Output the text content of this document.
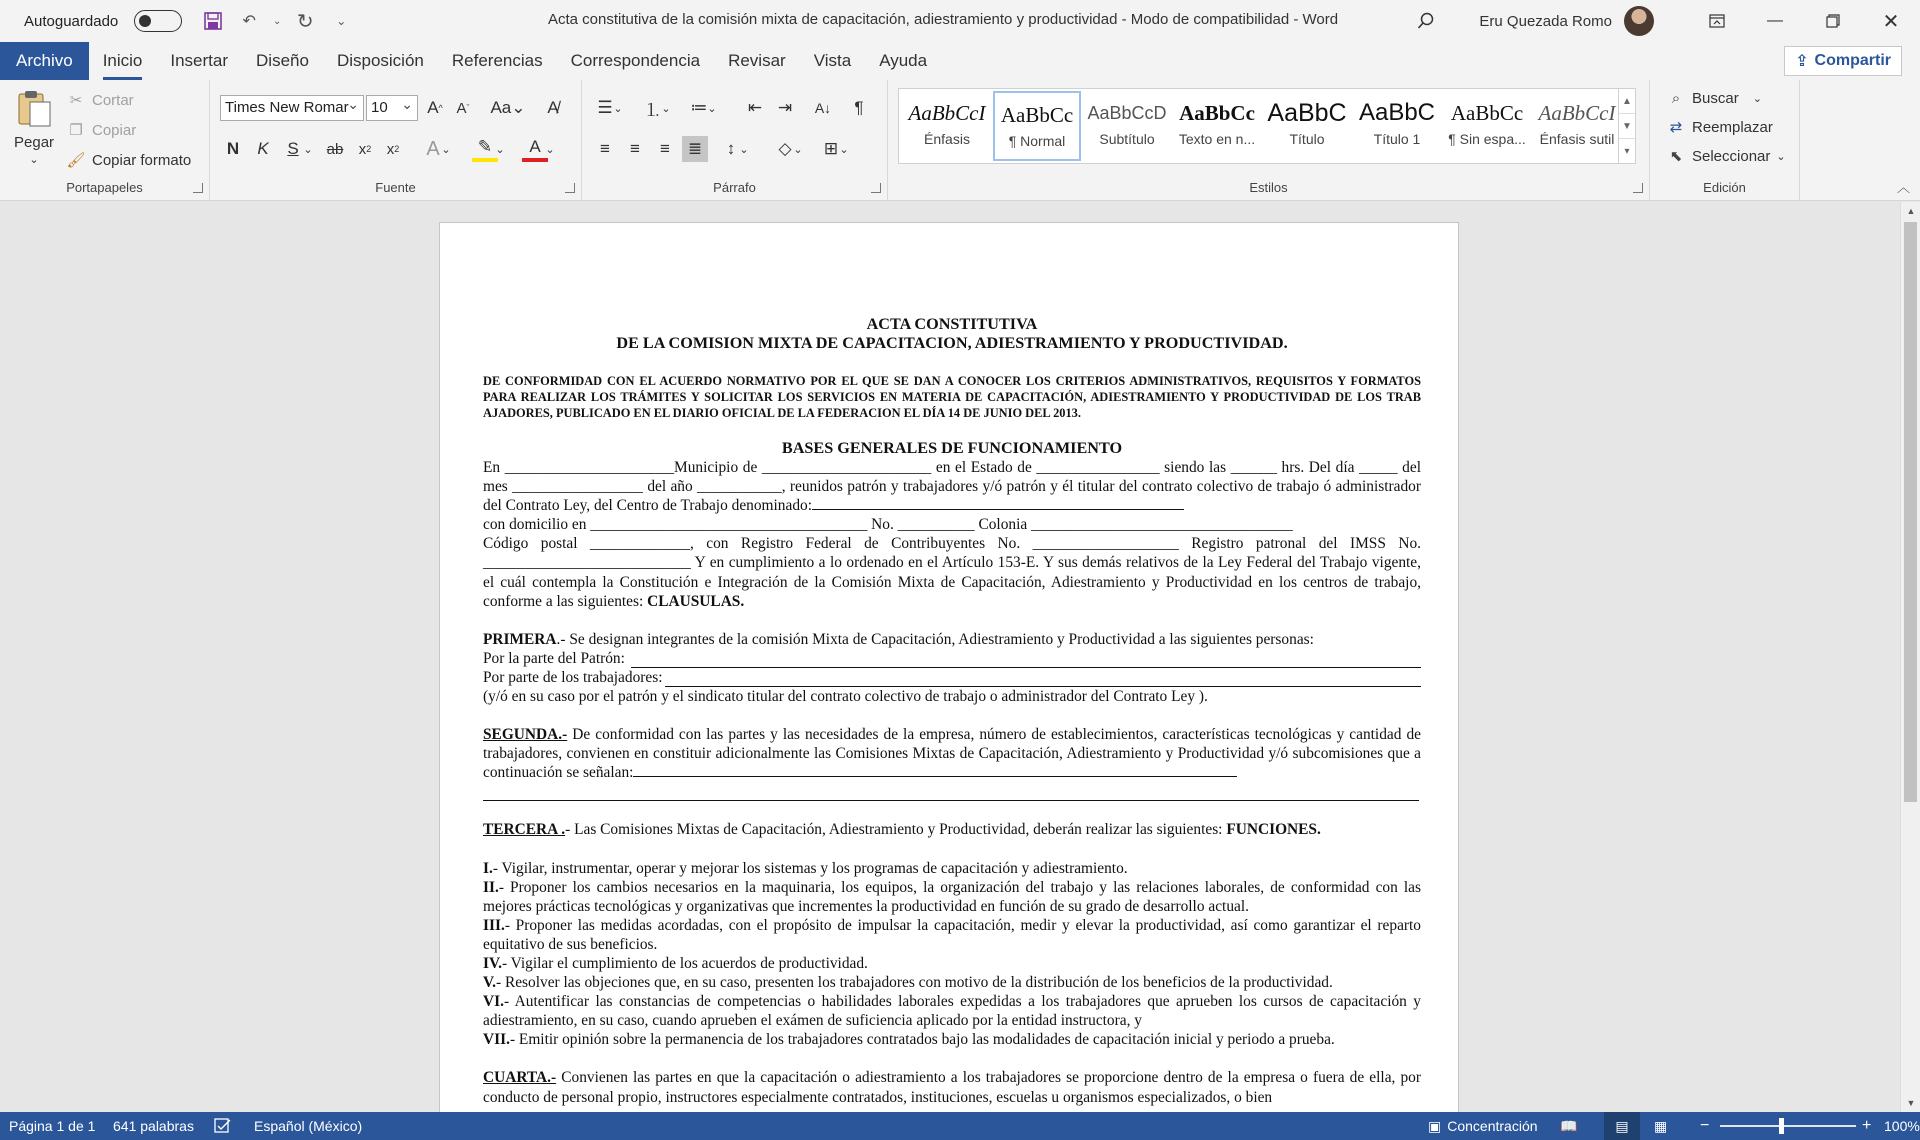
Autoguardado	↶	⌄ ↻	⌄	Acta constitutiva de la comisión mixta de capacitación, adiestramiento y productividad - Modo de compatibilidad - Word	Eru Quezada Romo	—	✕
Archivo	Inicio	Insertar	Diseño	Disposición	Referencias	Correspondencia	Revisar	Vista	Ayuda	⇪ Compartir
Pegar
⌄
✂ Cortar
❐ Copiar
🖌 Copiar formato
Portapapeles
Times New Romar ⌄	10 ⌄	A ^ A ˇ Aa⌄	A̸
N	K	S ⌄ ab	x 2	x 2	A ⌄	✎ ⌄	A ⌄
Fuente
☰ ⌄ ⒈ ⌄ ≔ ⌄	⇤ ⇥	A↓	¶
≡	≡	≡	≣	↕ ⌄	◇ ⌄	⊞ ⌄
Párrafo	Estilos
AaBbCcI
Énfasis
AaBbCc
¶ Normal
AaBbCcD
Subtítulo
AaBbCc
Texto en n...
AaBbC
Título
AaBbC
Título 1
AaBbCc
¶ Sin espa...
AaBbCcI
Énfasis sutil
▲
▼
▾
⌕ Buscar ⌄
⇄ Reemplazar
⬉ Seleccionar ⌄
Edición	︿
ACTA CONSTITUTIVA
DE LA COMISION MIXTA DE CAPACITACION, ADIESTRAMIENTO Y PRODUCTIVIDAD.
DE CONFORMIDAD CON EL ACUERDO NORMATIVO POR EL QUE SE DAN A CONOCER LOS CRITERIOS ADMINISTRATIVOS, REQUISITOS Y FORMATOS PARA REALIZAR LOS TRÁMITES Y SOLICITAR LOS SERVICIOS EN MATERIA DE CAPACITACIÓN, ADIESTRAMIENTO Y PRODUCTIVIDAD DE LOS TRAB AJADORES, PUBLICADO EN EL DIARIO OFICIAL DE LA FEDERACION EL DÍA 14 DE JUNIO DEL 2013.
BASES GENERALES DE FUNCIONAMIENTO

En ______________________Municipio de ______________________ en el Estado de ________________ siendo las ______ hrs. Del día _____ del mes _________________ del año ___________, reunidos patrón y trabajadores y/ó patrón y él titular del contrato colectivo de trabajo ó administrador del Contrato Ley, del Centro de Trabajo denominado:

con domicilio en ____________________________________ No. __________ Colonia __________________________________

Código postal _____________, con Registro Federal de Contribuyentes No. ___________________ Registro patronal del IMSS No. ___________________________ Y en cumplimiento a lo ordenado en el Artículo 153-E. Y sus demás relativos de la Ley Federal del Trabajo vigente, el cuál contempla la Constitución e Integración de la Comisión Mixta de Capacitación, Adiestramiento y Productividad en los centros de trabajo, conforme a las siguientes: CLAUSULAS.

PRIMERA.- Se designan integrantes de la comisión Mixta de Capacitación, Adiestramiento y Productividad a las siguientes personas:

Por la parte del Patrón:
Por parte de los trabajadores:

(y/ó en su caso por el patrón y el sindicato titular del contrato colectivo de trabajo o administrador del Contrato Ley ).

SEGUNDA.- De conformidad con las partes y las necesidades de la empresa, número de establecimientos, características tecnológicas y cantidad de trabajadores, convienen en constituir adicionalmente las Comisiones Mixtas de Capacitación, Adiestramiento y Productividad y/ó subcomisiones que a continuación se señalan:

TERCERA .- Las Comisiones Mixtas de Capacitación, Adiestramiento y Productividad, deberán realizar las siguientes: FUNCIONES.

I.- Vigilar, instrumentar, operar y mejorar los sistemas y los programas de capacitación y adiestramiento.

II.- Proponer los cambios necesarios en la maquinaria, los equipos, la organización del trabajo y las relaciones laborales, de conformidad con las mejores prácticas tecnológicas y organizativas que incrementes la productividad en función de su grado de desarrollo actual.

III.- Proponer las medidas acordadas, con el propósito de impulsar la capacitación, medir y elevar la productividad, así como garantizar el reparto equitativo de sus beneficios.

IV.- Vigilar el cumplimiento de los acuerdos de productividad.

V.- Resolver las objeciones que, en su caso, presenten los trabajadores con motivo de la distribución de los beneficios de la productividad.

VI.- Autentificar las constancias de competencias o habilidades laborales expedidas a los trabajadores que aprueben los cursos de capacitación y adiestramiento, en su caso, cuando aprueben el exámen de suficiencia aplicado por la entidad instructora, y

VII.- Emitir opinión sobre la permanencia de los trabajadores contratados bajo las modalidades de capacitación inicial y periodo a prueba.

CUARTA.- Convienen las partes en que la capacitación o adiestramiento a los trabajadores se proporcione dentro de la empresa o fuera de ella, por conducto de personal propio, instructores especialmente contratados, instituciones, escuelas u organismos especializados, o bien

▲
▼
Página 1 de 1 641 palabras	Español (México)	▣ Concentración 📖	▤	▦ −	+ 100%
